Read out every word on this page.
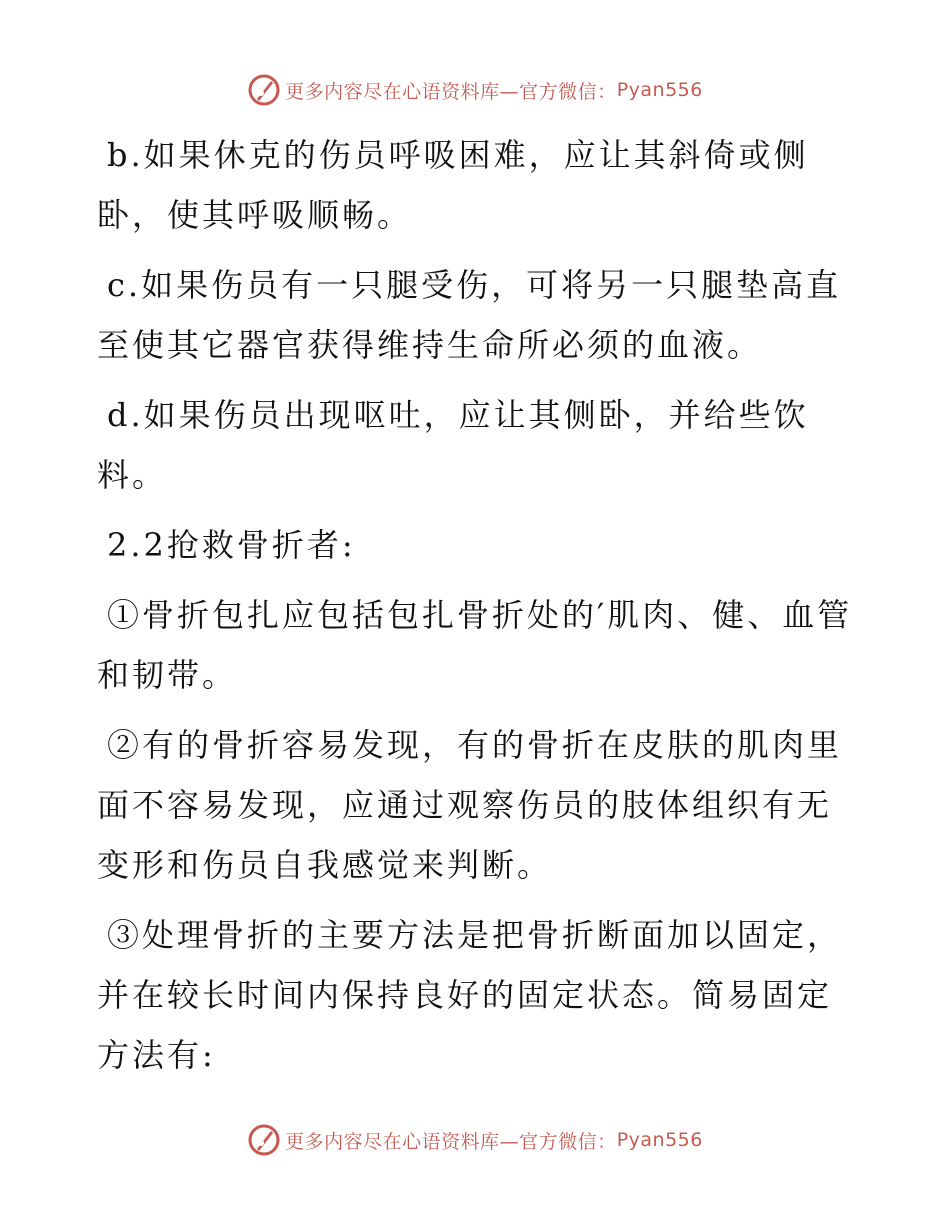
更多内容尽在心语资料库 —官方微信： Pyan556

b.如果休克的伤员呼吸困难，应让其斜倚或侧卧，使其呼吸顺畅。

c.如果伤员有一只腿受伤，可将另一只腿垫高直至使其它器官获得维持生命所必须的血液。

d.如果伤员出现呕吐，应让其侧卧，并给些饮料。

2.2抢救骨折者:

①骨折包扎应包括包扎骨折处的′肌肉、健、血管和韧带。

②有的骨折容易发现，有的骨折在皮肤的肌肉里面不容易发现，应通过观察伤员的肢体组织有无变形和伤员自我感觉来判断。

③处理骨折的主要方法是把骨折断面加以固定，并在较长时间内保持良好的固定状态。简易固定方法有:

更多内容尽在心语资料库 —官方微信： Pyan556
